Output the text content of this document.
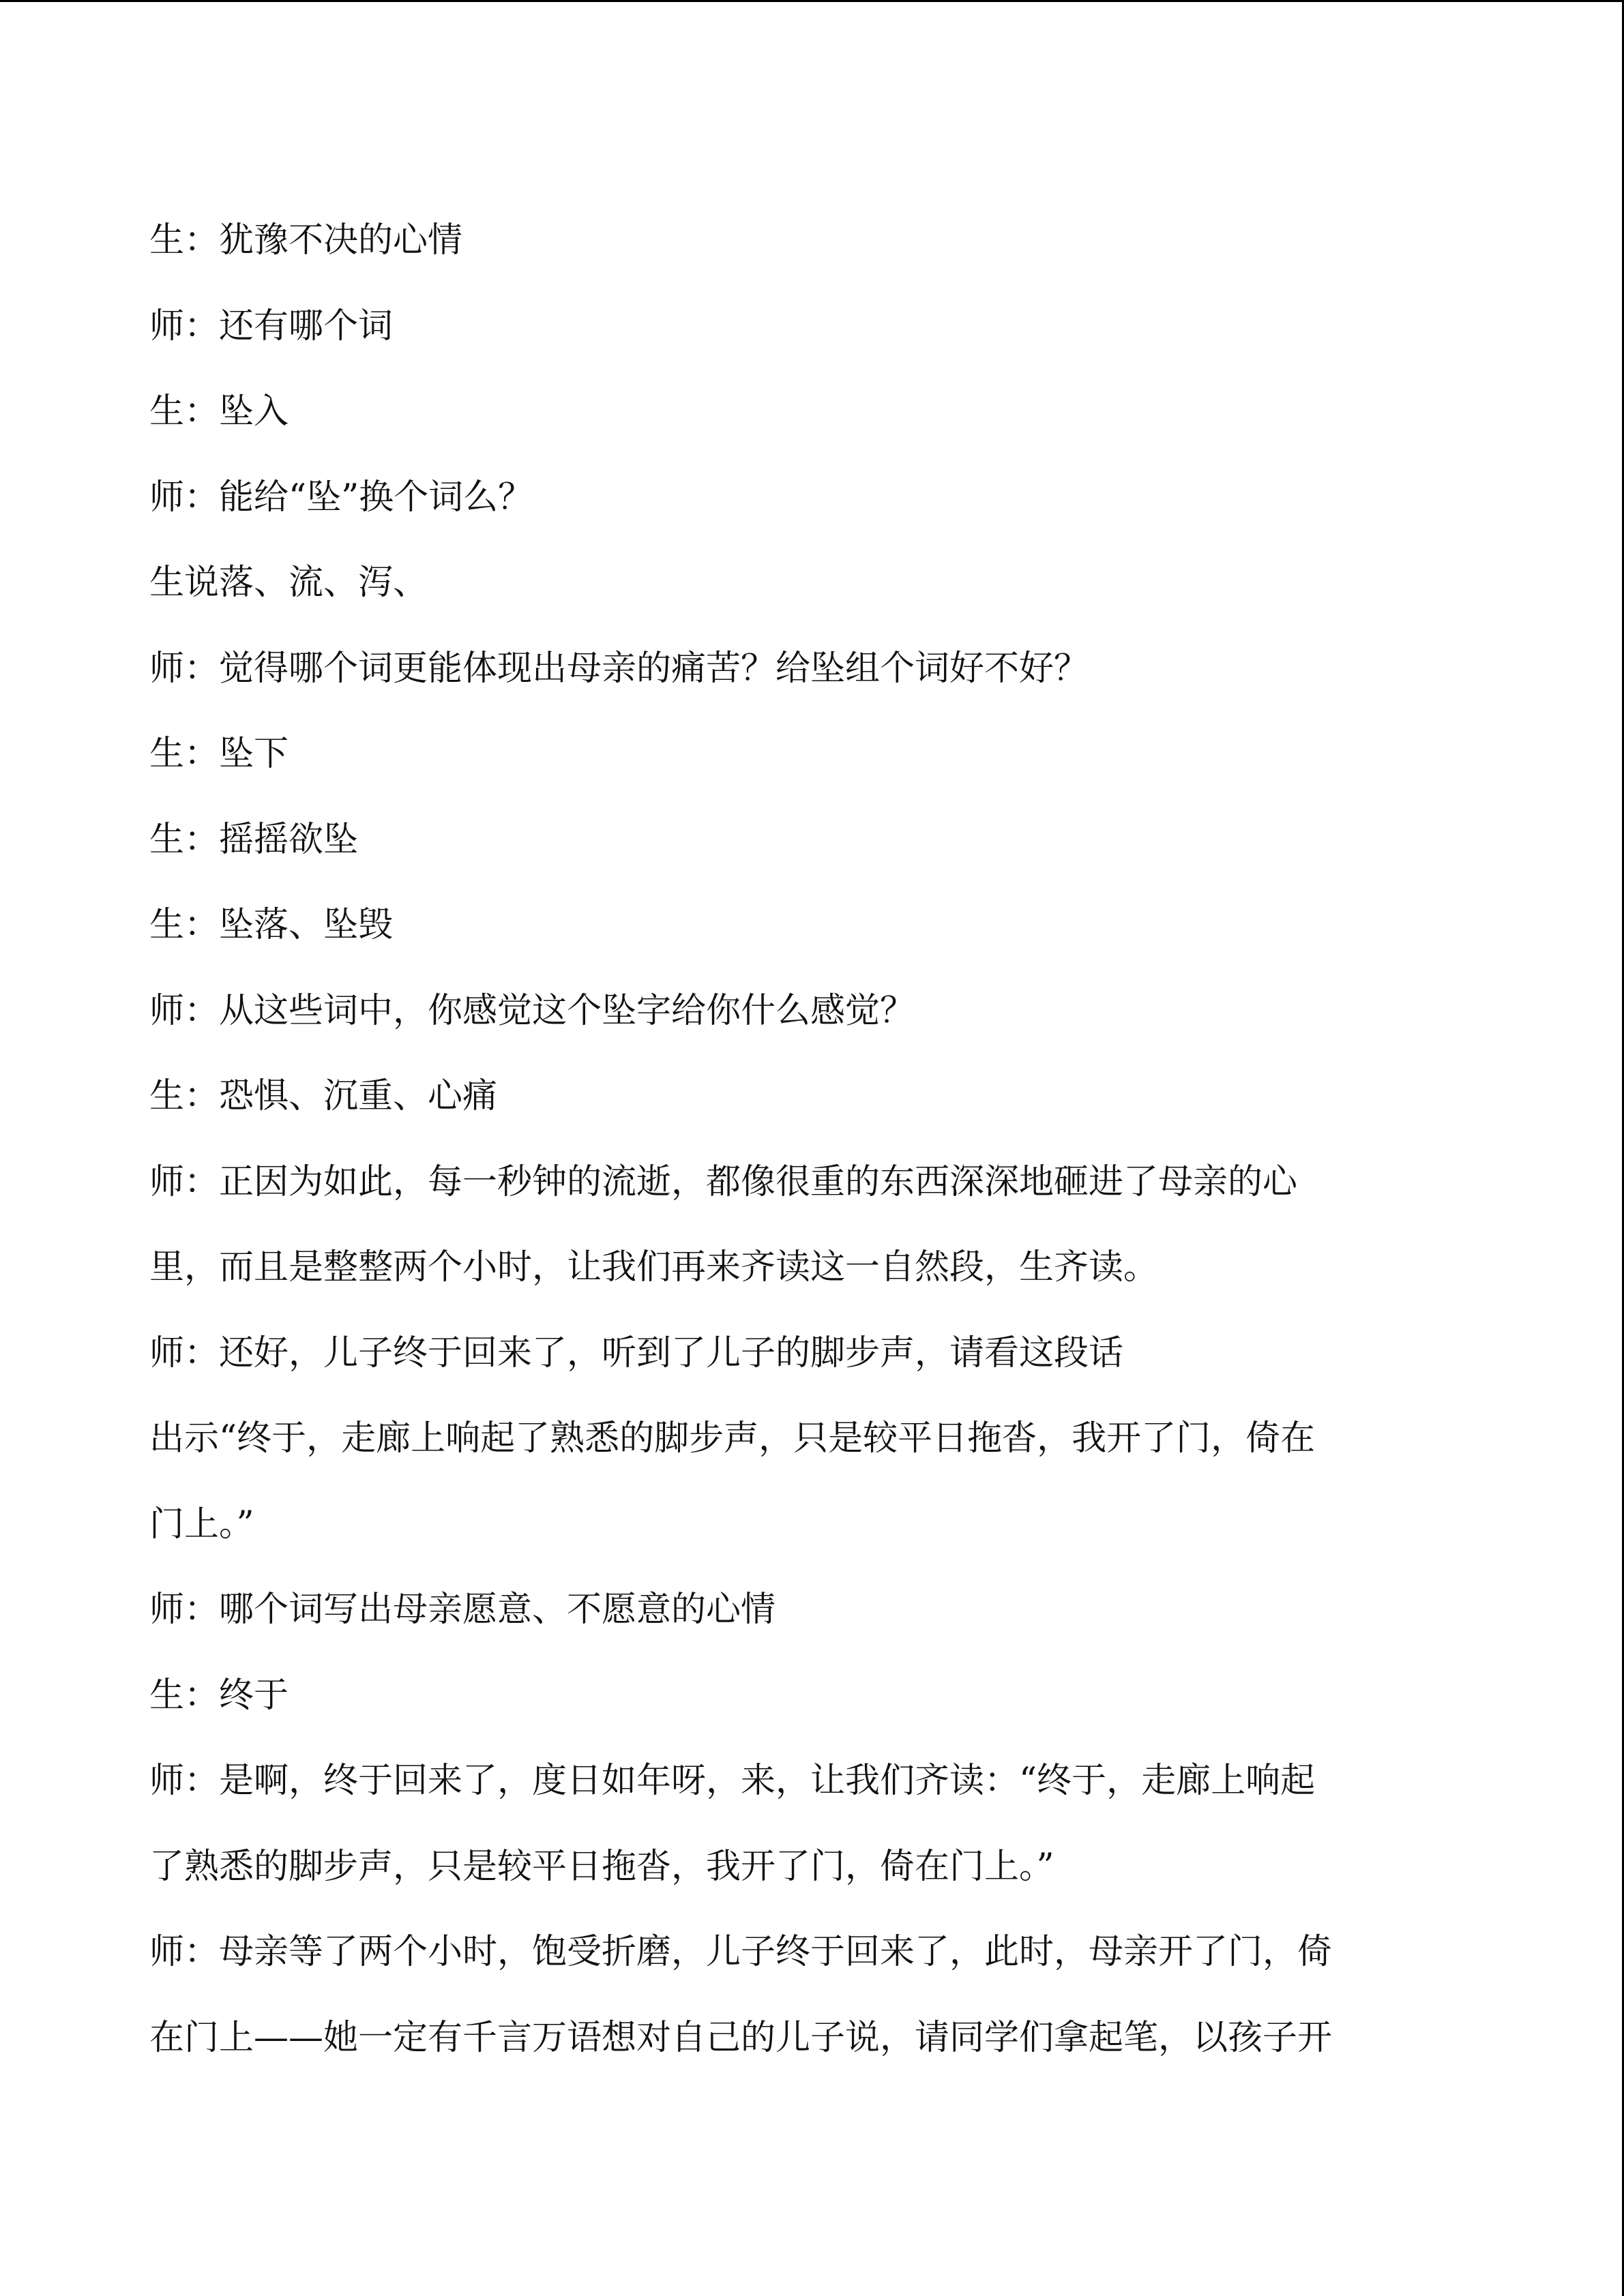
生：犹豫不决的心情

师：还有哪个词

生：坠入

师：能给“坠”换个词么？

生说落、流、泻、

师：觉得哪个词更能体现出母亲的痛苦？给坠组个词好不好？

生：坠下

生：摇摇欲坠

生：坠落、坠毁

师：从这些词中，你感觉这个坠字给你什么感觉？

生：恐惧、沉重、心痛

师：正因为如此，每一秒钟的流逝，都像很重的东西深深地砸进了母亲的心

里，而且是整整两个小时，让我们再来齐读这一自然段，生齐读。

师：还好，儿子终于回来了，听到了儿子的脚步声，请看这段话

出示“终于，走廊上响起了熟悉的脚步声，只是较平日拖沓，我开了门，倚在

门上。”

师：哪个词写出母亲愿意、不愿意的心情

生：终于

师：是啊，终于回来了，度日如年呀，来，让我们齐读：“终于，走廊上响起

了熟悉的脚步声，只是较平日拖沓，我开了门，倚在门上。”

师：母亲等了两个小时，饱受折磨，儿子终于回来了，此时，母亲开了门，倚

在门上——她一定有千言万语想对自己的儿子说，请同学们拿起笔，以孩子开
